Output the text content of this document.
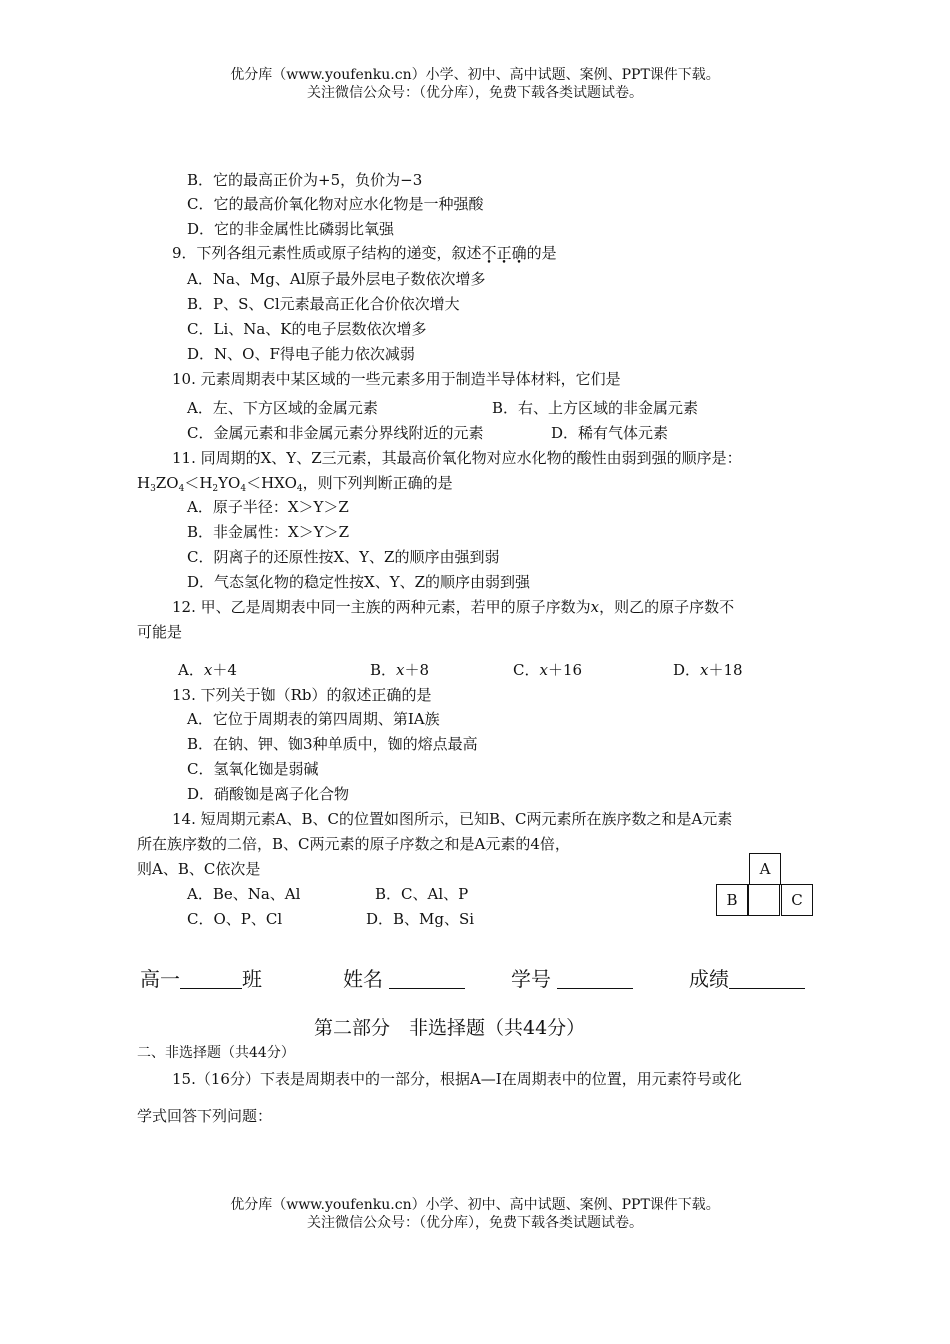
优分库（www.youfenku.cn）小学、初中、高中试题、案例、PPT课件下载。
关注微信公众号：（优分库），免费下载各类试题试卷。
B．它的最高正价为+5，负价为−3
C．它的最高价氧化物对应水化物是一种强酸
D．它的非金属性比磷弱比氧强
9．下列各组元素性质或原子结构的递变，叙述不正确的是
A．Na、Mg、Al原子最外层电子数依次增多
B．P、S、Cl元素最高正化合价依次增大
C．Li、Na、K的电子层数依次增多
D．N、O、F得电子能力依次减弱
10. 元素周期表中某区域的一些元素多用于制造半导体材料，它们是
A．左、下方区域的金属元素	B．右、上方区域的非金属元素
C．金属元素和非金属元素分界线附近的元素	D．稀有气体元素
11. 同周期的X、Y、Z三元素，其最高价氧化物对应水化物的酸性由弱到强的顺序是：
$H_3ZO_4<H_2YO_4<HXO_4$，则下列判断正确的是
A．原子半径：X＞Y＞Z
B．非金属性：X＞Y＞Z
C．阴离子的还原性按X、Y、Z的顺序由强到弱
D．气态氢化物的稳定性按X、Y、Z的顺序由弱到强
12. 甲、乙是周期表中同一主族的两种元素，若甲的原子序数为x，则乙的原子序数不
可能是
A．x＋4	B．x＋8	C．x＋16	D．x＋18
13. 下列关于铷（Rb）的叙述正确的是
A．它位于周期表的第四周期、第ⅠA族
B．在钠、钾、铷3种单质中，铷的熔点最高
C．氢氧化铷是弱碱
D．硝酸铷是离子化合物
14. 短周期元素A、B、C的位置如图所示，已知B、C两元素所在族序数之和是A元素
所在族序数的二倍，B、C两元素的原子序数之和是A元素的4倍，
则A、B、C依次是
A．Be、Na、Al	B．C、Al、P
C．O、P、Cl	D．B、Mg、Si
A
B	C
高一	班	姓名	学号	成绩
第二部分　非选择题（共44分）
二、非选择题（共44分）
15.（16分）下表是周期表中的一部分，根据A—I在周期表中的位置，用元素符号或化
学式回答下列问题：
优分库（www.youfenku.cn）小学、初中、高中试题、案例、PPT课件下载。
关注微信公众号：（优分库），免费下载各类试题试卷。
